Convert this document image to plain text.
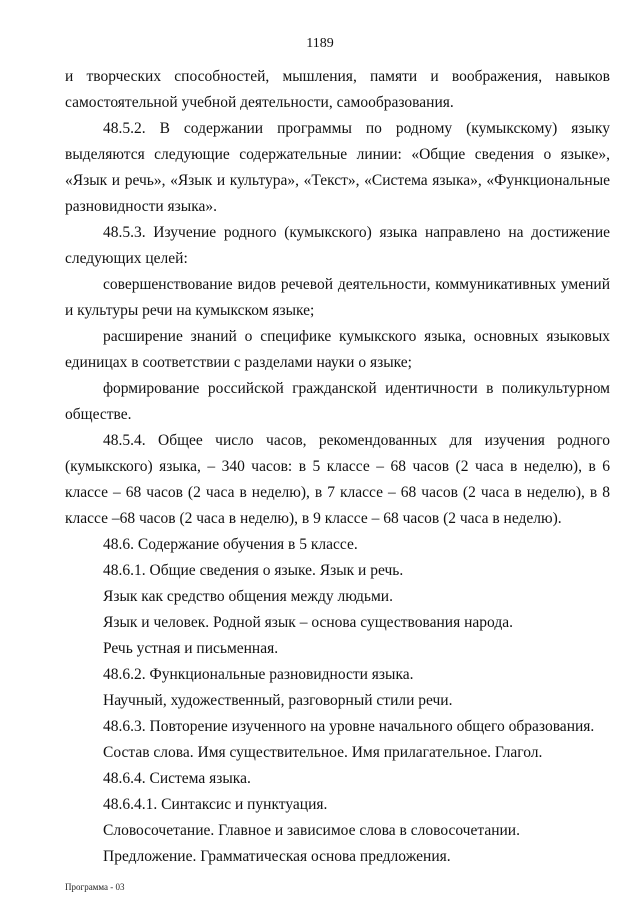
1189

и творческих способностей, мышления, памяти и воображения, навыков самостоятельной учебной деятельности, самообразования.

48.5.2. В содержании программы по родному (кумыкскому) языку выделяются следующие содержательные линии: «Общие сведения о языке», «Язык и речь», «Язык и культура», «Текст», «Система языка», «Функциональные разновидности языка».

48.5.3. Изучение родного (кумыкского) языка направлено на достижение следующих целей:

совершенствование видов речевой деятельности, коммуникативных умений и культуры речи на кумыкском языке;

расширение знаний о специфике кумыкского языка, основных языковых единицах в соответствии с разделами науки о языке;

формирование российской гражданской идентичности в поликультурном обществе.

48.5.4. Общее число часов, рекомендованных для изучения родного (кумыкского) языка, – 340 часов: в 5 классе – 68 часов (2 часа в неделю), в 6 классе – 68 часов (2 часа в неделю), в 7 классе – 68 часов (2 часа в неделю), в 8 классе –68 часов (2 часа в неделю), в 9 классе – 68 часов (2 часа в неделю).

48.6. Содержание обучения в 5 классе.

48.6.1. Общие сведения о языке. Язык и речь.

Язык как средство общения между людьми.

Язык и человек. Родной язык – основа существования народа.

Речь устная и письменная.

48.6.2. Функциональные разновидности языка.

Научный, художественный, разговорный стили речи.

48.6.3. Повторение изученного на уровне начального общего образования.

Состав слова. Имя существительное. Имя прилагательное. Глагол.

48.6.4. Система языка.

48.6.4.1. Синтаксис и пунктуация.

Словосочетание. Главное и зависимое слова в словосочетании.

Предложение. Грамматическая основа предложения.

Программа - 03
